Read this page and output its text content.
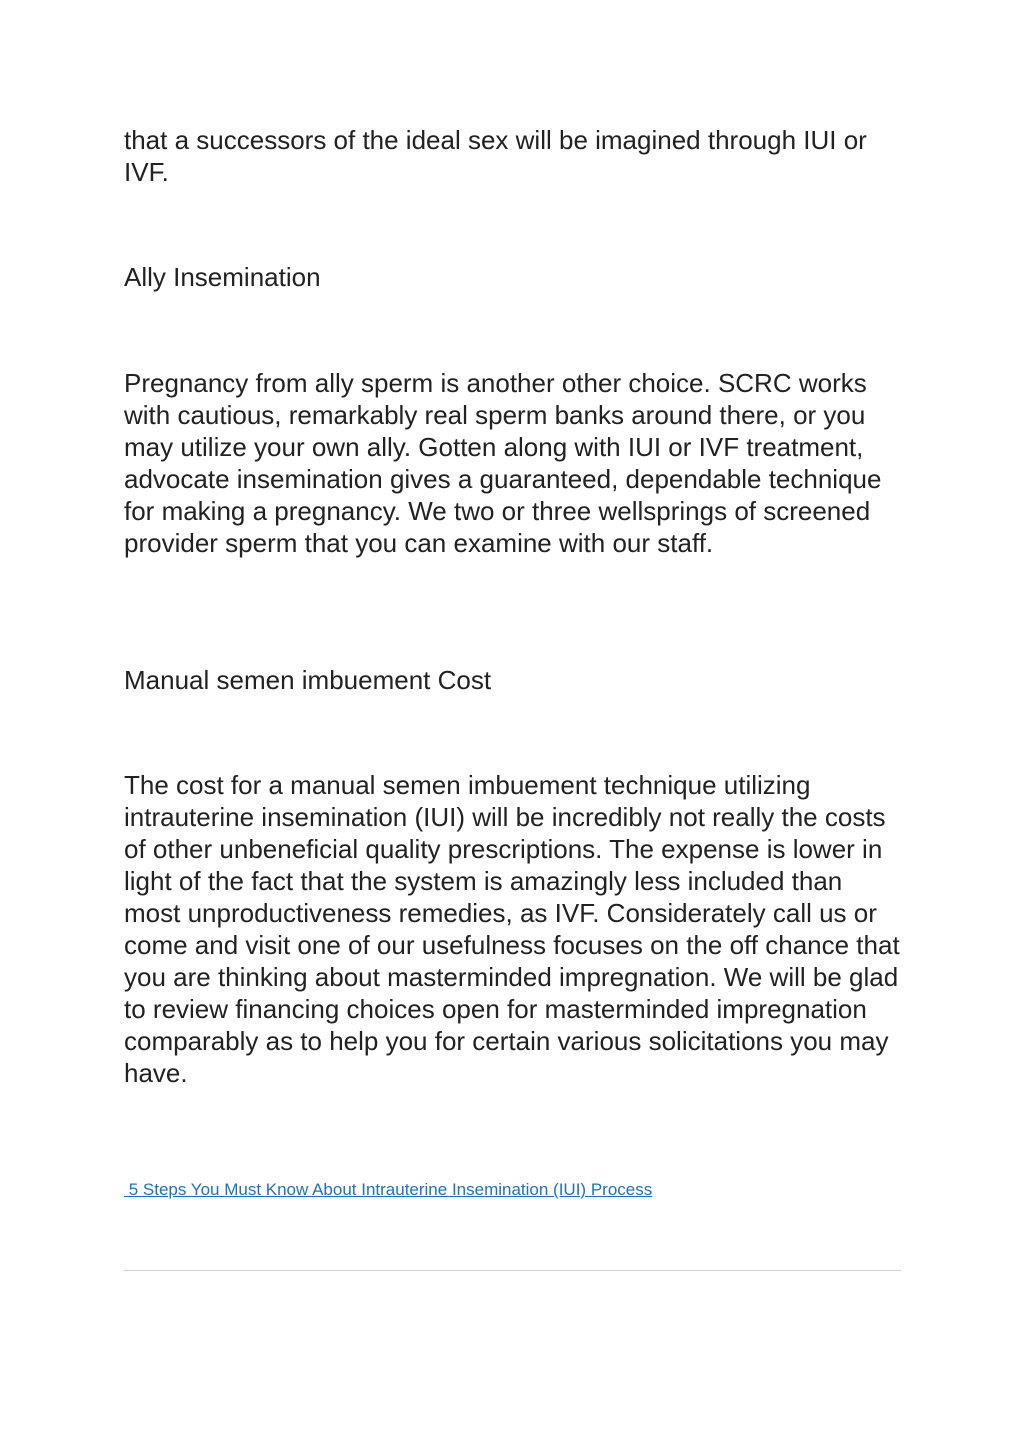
that a successors of the ideal sex will be imagined through IUI or IVF.

Ally Insemination

Pregnancy from ally sperm is another other choice. SCRC works with cautious, remarkably real sperm banks around there, or you may utilize your own ally. Gotten along with IUI or IVF treatment, advocate insemination gives a guaranteed, dependable technique for making a pregnancy. We two or three wellsprings of screened provider sperm that you can examine with our staff.

Manual semen imbuement Cost

The cost for a manual semen imbuement technique utilizing intrauterine insemination (IUI) will be incredibly not really the costs of other unbeneficial quality prescriptions. The expense is lower in light of the fact that the system is amazingly less included than most unproductiveness remedies, as IVF. Considerately call us or come and visit one of our usefulness focuses on the off chance that you are thinking about masterminded impregnation. We will be glad to review financing choices open for masterminded impregnation comparably as to help you for certain various solicitations you may have.

5 Steps You Must Know About Intrauterine Insemination (IUI) Process
